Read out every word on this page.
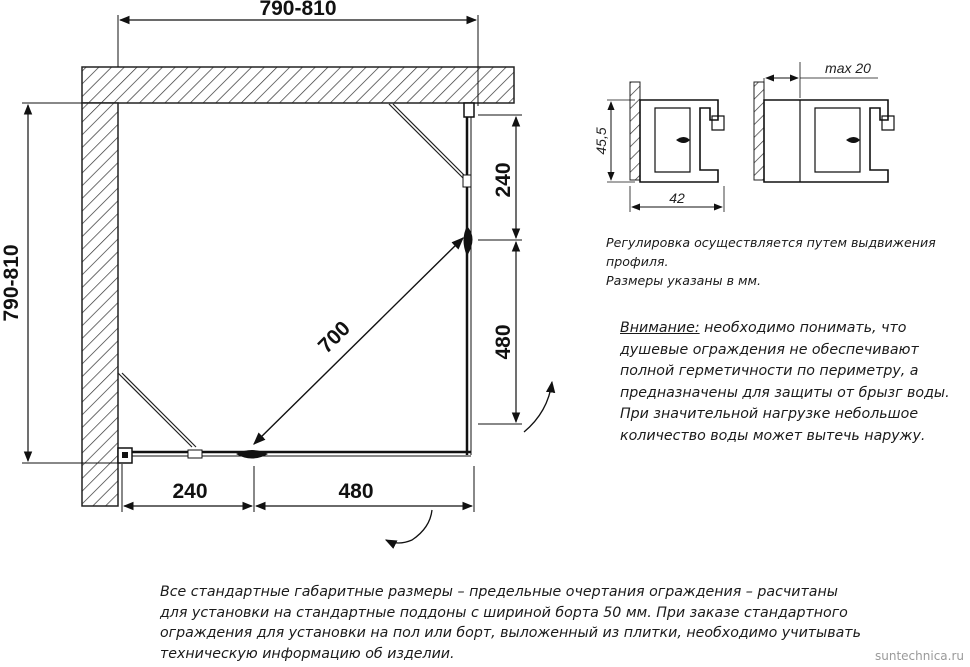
790-810
790-810
700
240
480
240	480
45,5
42
max 20

Регулировка осуществляется путем выдвижения
профиля.
Размеры указаны в мм.

Внимание: необходимо понимать, что
душевые ограждения не обеспечивают
полной герметичности по периметру, а
предназначены для защиты от брызг воды.
При значительной нагрузке небольшое
количество воды может вытечь наружу.

Все стандартные габаритные размеры – предельные очертания ограждения – расчитаны
для установки на стандартные поддоны с шириной борта 50 мм. При заказе стандартного
ограждения для установки на пол или борт, выложенный из плитки, необходимо учитывать
техническую информацию об изделии.	suntechnica.ru
